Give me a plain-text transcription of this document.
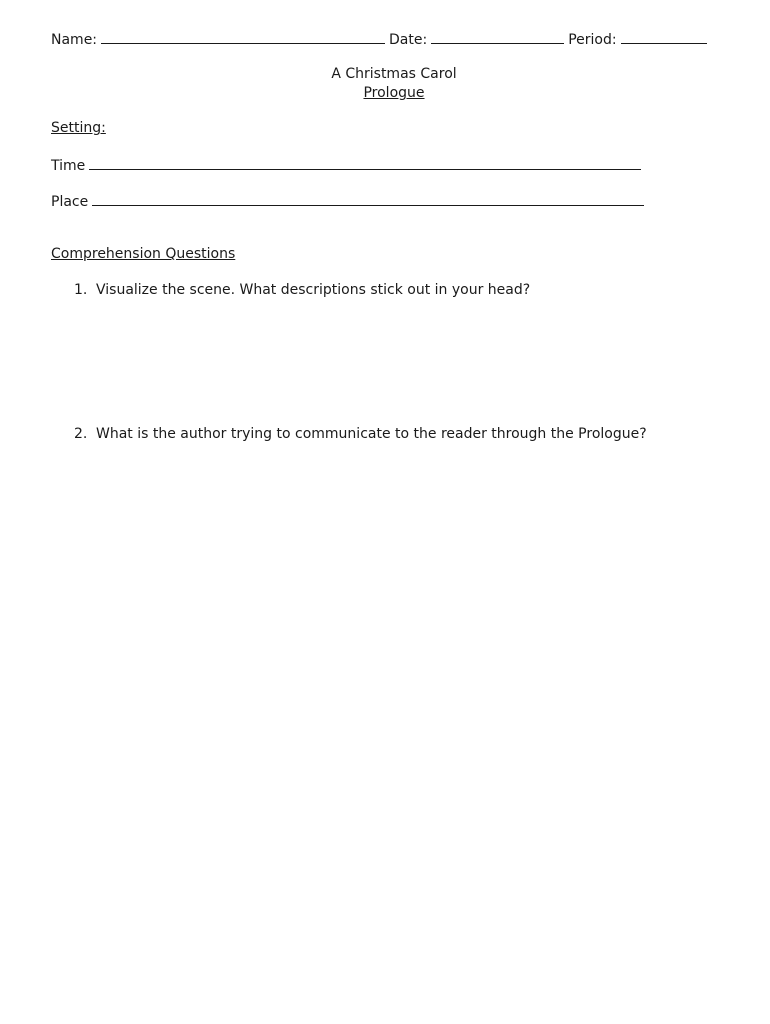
Name:	Date:	Period:
A Christmas Carol
Prologue
Setting:
Time
Place
Comprehension Questions
1. Visualize the scene. What descriptions stick out in your head?
2. What is the author trying to communicate to the reader through the Prologue?
